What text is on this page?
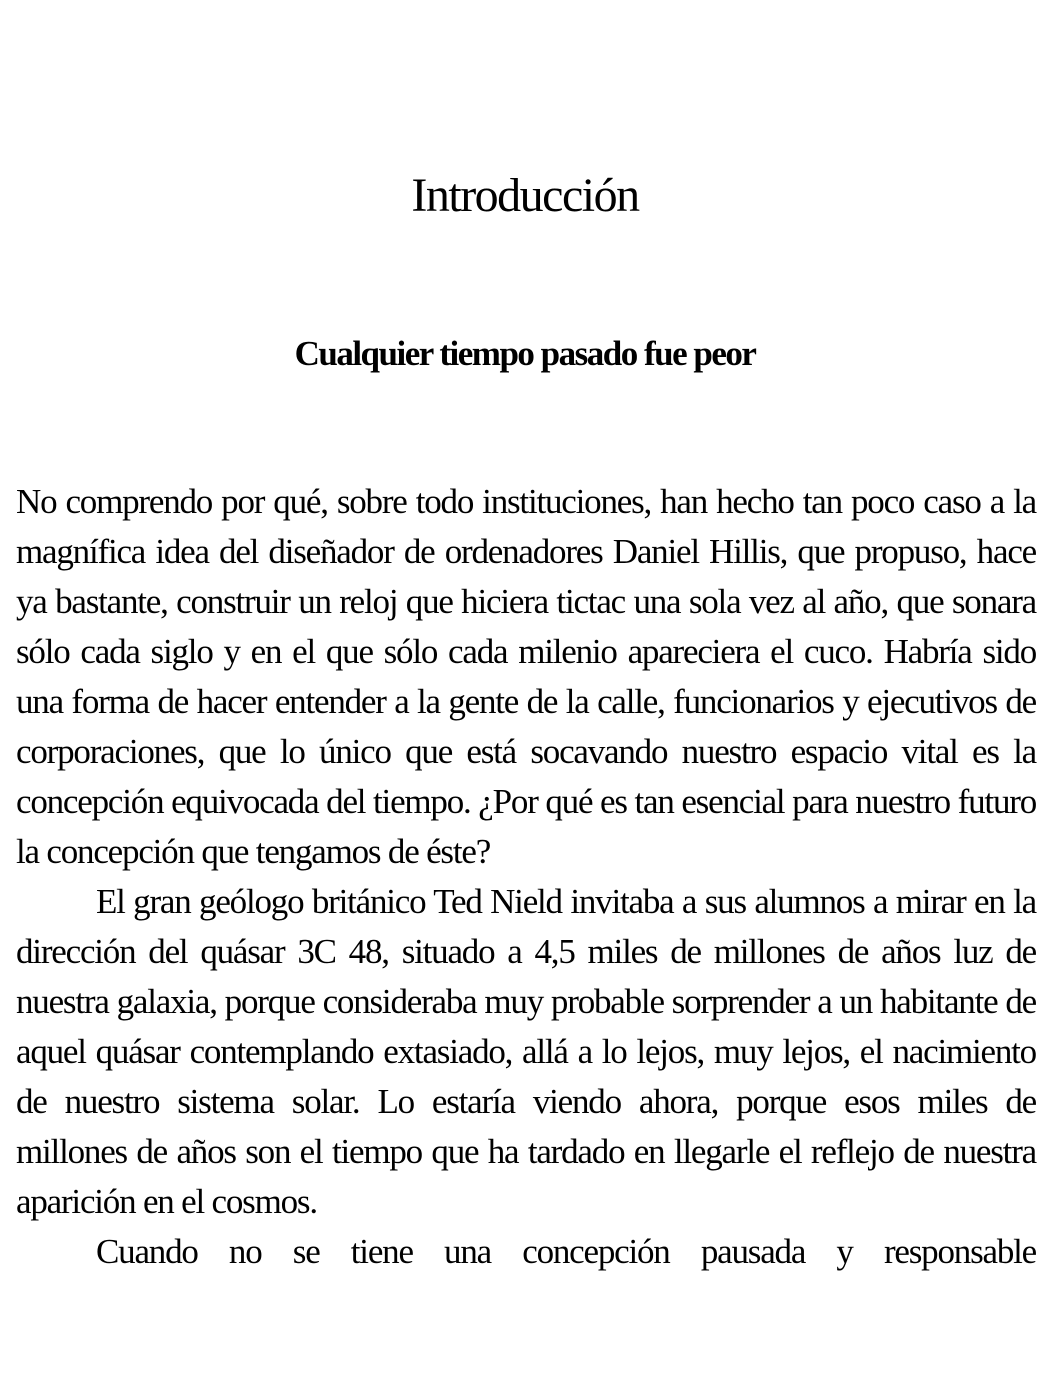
Introducción
Cualquier tiempo pasado fue peor

No comprendo por qué, sobre todo instituciones, han hecho tan poco caso a la magnífica idea del diseñador de ordenadores Daniel Hillis, que propuso, hace ya bastante, construir un reloj que hiciera tictac una sola vez al año, que sonara sólo cada siglo y en el que sólo cada milenio apareciera el cuco. Habría sido una forma de hacer entender a la gente de la calle, funcionarios y ejecutivos de corporaciones, que lo único que está socavando nuestro espacio vital es la concepción equivocada del tiempo. ¿Por qué es tan esencial para nuestro futuro la concepción que tengamos de éste?

El gran geólogo británico Ted Nield invitaba a sus alumnos a mirar en la dirección del quásar 3C 48, situado a 4,5 miles de millones de años luz de nuestra galaxia, porque consideraba muy probable sorprender a un habitante de aquel quásar contemplando extasiado, allá a lo lejos, muy lejos, el nacimiento de nuestro sistema solar. Lo estaría viendo ahora, porque esos miles de millones de años son el tiempo que ha tardado en llegarle el reflejo de nuestra aparición en el cosmos.

Cuando no se tiene una concepción pausada y responsable
